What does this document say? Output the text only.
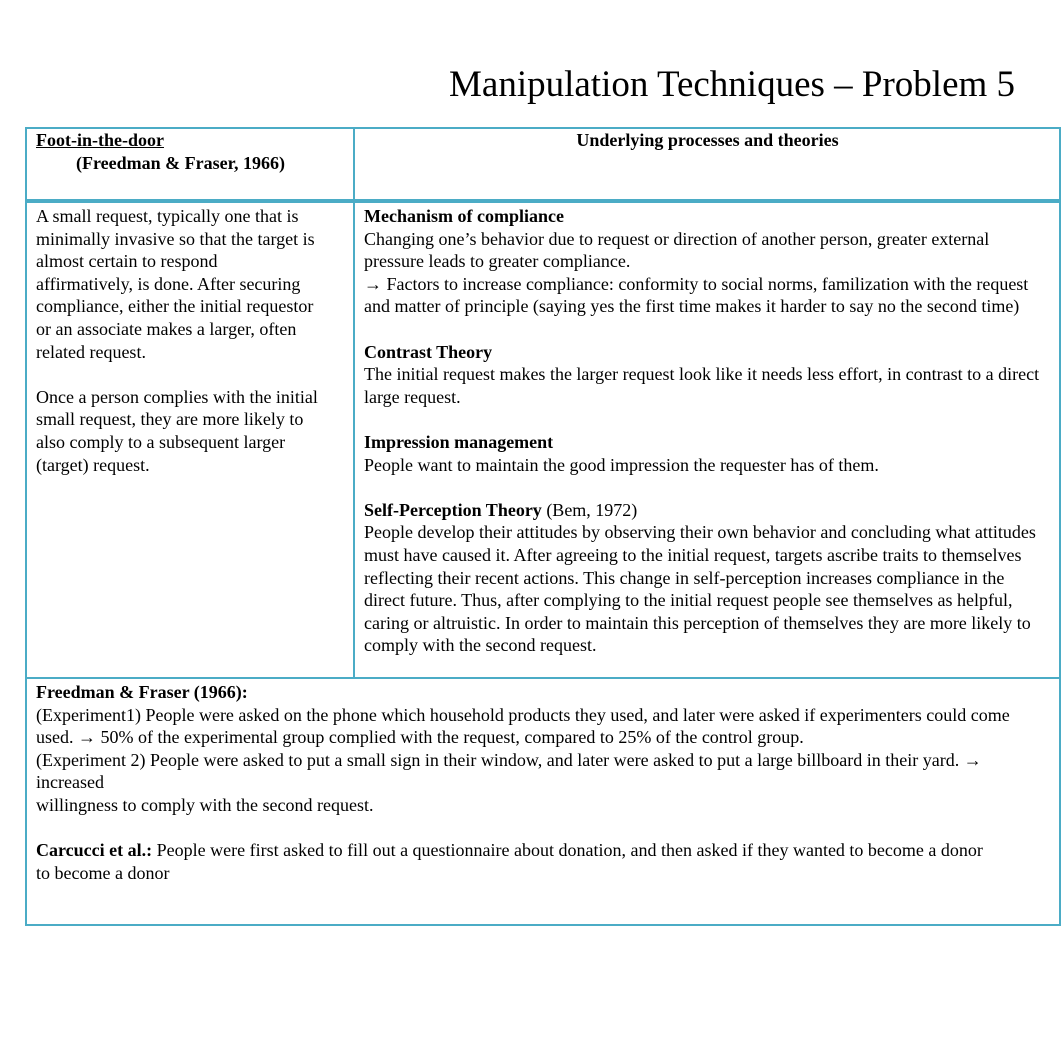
Manipulation Techniques – Problem 5
Foot-in-the-door
(Freedman & Fraser, 1966)
Underlying processes and theories
A small request, typically one that is
minimally invasive so that the target is
almost certain to respond
affirmatively, is done. After securing
compliance, either the initial requestor
or an associate makes a larger, often
related request.
Once a person complies with the initial
small request, they are more likely to
also comply to a subsequent larger
(target) request.
Mechanism of compliance
Changing one’s behavior due to request or direction of another person, greater external
pressure leads to greater compliance.
→ Factors to increase compliance: conformity to social norms, familization with the request
and matter of principle (saying yes the first time makes it harder to say no the second time)
Contrast Theory
The initial request makes the larger request look like it needs less effort, in contrast to a direct
large request.
Impression management
People want to maintain the good impression the requester has of them.
Self-Perception Theory (Bem, 1972)
People develop their attitudes by observing their own behavior and concluding what attitudes
must have caused it. After agreeing to the initial request, targets ascribe traits to themselves
reflecting their recent actions. This change in self-perception increases compliance in the
direct future. Thus, after complying to the initial request people see themselves as helpful,
caring or altruistic. In order to maintain this perception of themselves they are more likely to
comply with the second request.
Freedman & Fraser (1966):
(Experiment1) People were asked on the phone which household products they used, and later were asked if experimenters could come
used. → 50% of the experimental group complied with the request, compared to 25% of the control group.
(Experiment 2) People were asked to put a small sign in their window, and later were asked to put a large billboard in their yard. → increased
willingness to comply with the second request.
Carcucci et al.: People were first asked to fill out a questionnaire about donation, and then asked if they wanted to become a donor
to become a donor
